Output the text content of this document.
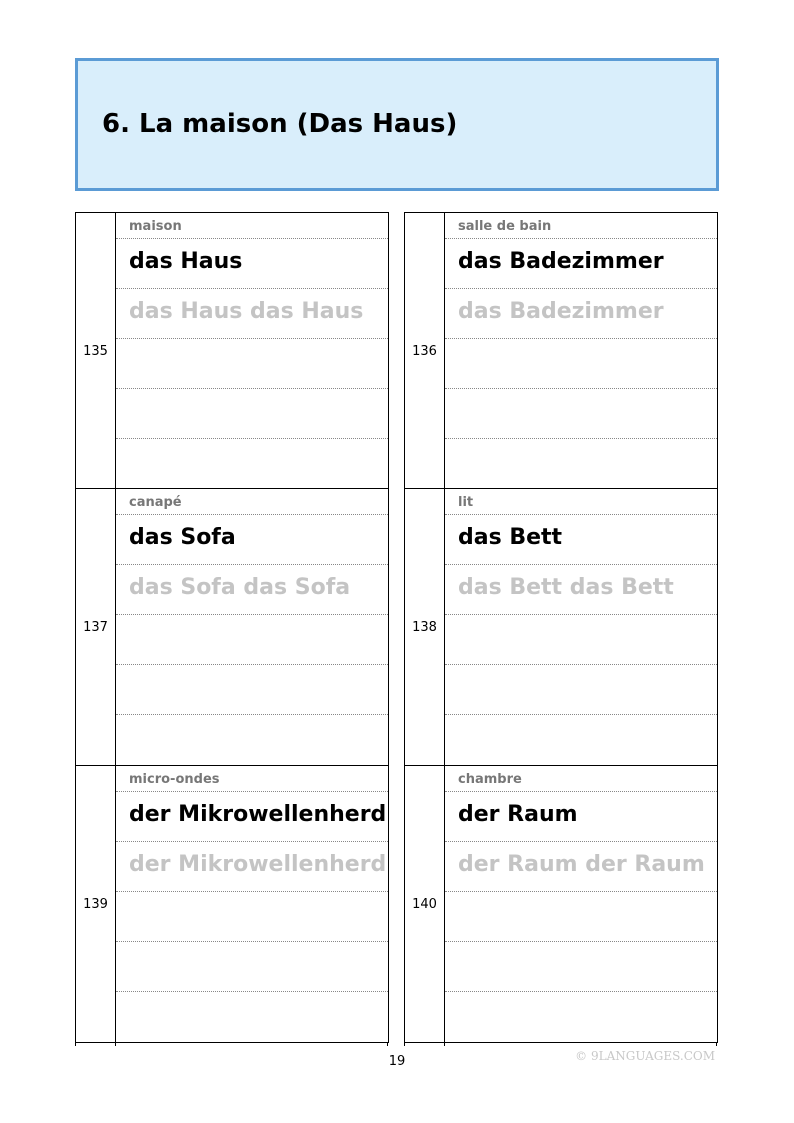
6. La maison (Das Haus)
135
maison
das Haus
das Haus das Haus
136
salle de bain
das Badezimmer
das Badezimmer
137
canapé
das Sofa
das Sofa das Sofa
138
lit
das Bett
das Bett das Bett
139
micro-ondes
der Mikrowellenherd
der Mikrowellenherd
140
chambre
der Raum
der Raum der Raum
19	© 9LANGUAGES.COM
